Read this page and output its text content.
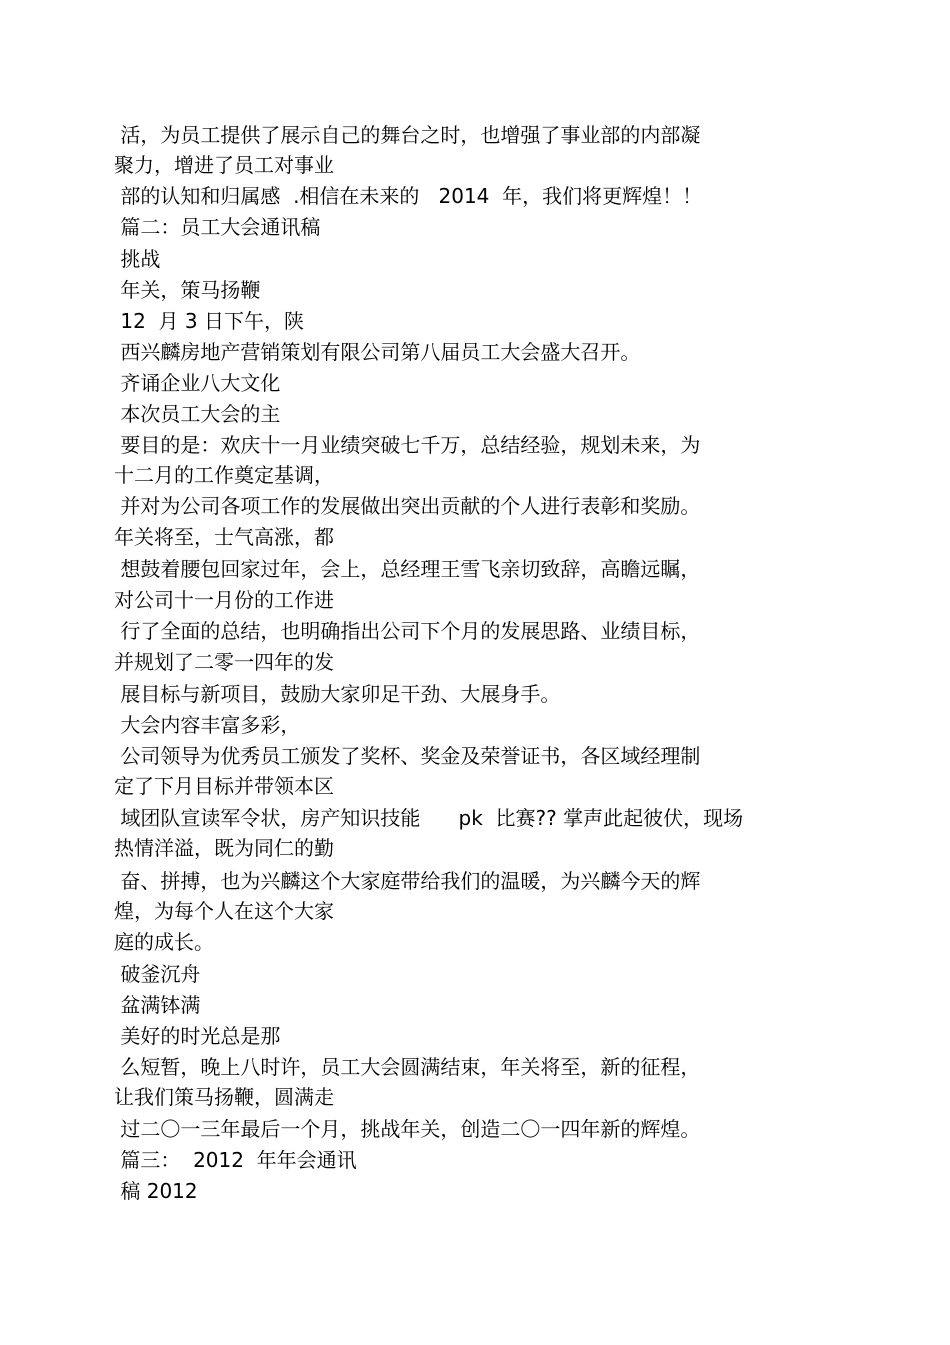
活，为员工提供了展示自己的舞台之时，也增强了事业部的内部凝
聚力，增进了员工对事业
部的认知和归属感  .相信在未来的   2014  年，我们将更辉煌！！
篇二：员工大会通讯稿
挑战
年关，策马扬鞭
12  月 3 日下午，陕
西兴麟房地产营销策划有限公司第八届员工大会盛大召开。
齐诵企业八大文化
本次员工大会的主
要目的是：欢庆十一月业绩突破七千万，总结经验，规划未来，为
十二月的工作奠定基调，
并对为公司各项工作的发展做出突出贡献的个人进行表彰和奖励。
年关将至，士气高涨，都
想鼓着腰包回家过年，会上，总经理王雪飞亲切致辞，高瞻远瞩，
对公司十一月份的工作进
行了全面的总结，也明确指出公司下个月的发展思路、业绩目标，
并规划了二零一四年的发
展目标与新项目，鼓励大家卯足干劲、大展身手。
大会内容丰富多彩，
公司领导为优秀员工颁发了奖杯、奖金及荣誉证书，各区域经理制
定了下月目标并带领本区
域团队宣读军令状，房产知识技能      pk  比赛?? 掌声此起彼伏，现场
热情洋溢，既为同仁的勤
奋、拼搏，也为兴麟这个大家庭带给我们的温暖，为兴麟今天的辉
煌，为每个人在这个大家
庭的成长。
破釜沉舟
盆满钵满
美好的时光总是那
么短暂，晚上八时许，员工大会圆满结束，年关将至，新的征程，
让我们策马扬鞭，圆满走
过二〇一三年最后一个月，挑战年关，创造二〇一四年新的辉煌。
篇三：  2012  年年会通讯
稿 2012
